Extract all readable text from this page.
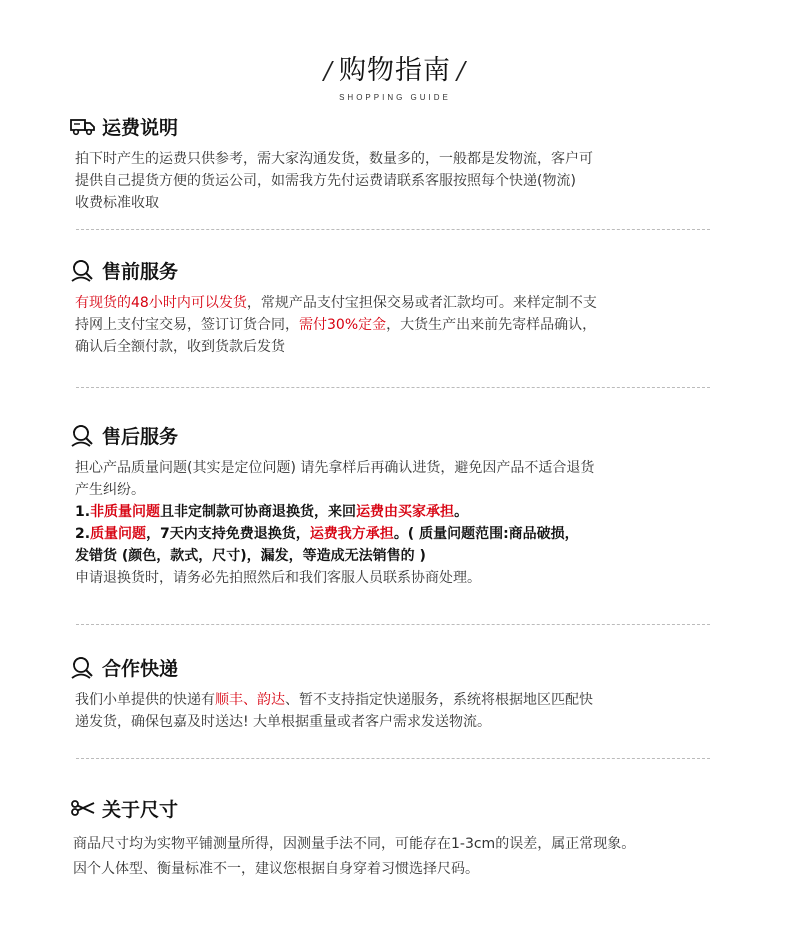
/ 购物指南 /
SHOPPING GUIDE
运费说明

拍下时产生的运费只供参考，需大家沟通发货，数量多的，一般都是发物流，客户可

提供自己提货方便的货运公司，如需我方先付运费请联系客服按照每个快递(物流)

收费标准收取

售前服务

有现货的48小时内可以发货，常规产品支付宝担保交易或者汇款均可。来样定制不支

持网上支付宝交易，签订订货合同，需付30%定金，大货生产出来前先寄样品确认，

确认后全额付款，收到货款后发货

售后服务

担心产品质量问题(其实是定位问题) 请先拿样后再确认进货，避免因产品不适合退货

产生纠纷。

1.非质量问题且非定制款可协商退换货，来回运费由买家承担。

2.质量问题，7天内支持免费退换货，运费我方承担。( 质量问题范围:商品破损，

发错货 (颜色，款式，尺寸)，漏发，等造成无法销售的 )

申请退换货时，请务必先拍照然后和我们客服人员联系协商处理。

合作快递

我们小单提供的快递有顺丰、韵达、暂不支持指定快递服务，系统将根据地区匹配快

递发货，确保包嘉及时送达! 大单根据重量或者客户需求发送物流。

关于尺寸

商品尺寸均为实物平铺测量所得，因测量手法不同，可能存在1-3cm的误差，属正常现象。

因个人体型、衡量标准不一，建议您根据自身穿着习惯选择尺码。
